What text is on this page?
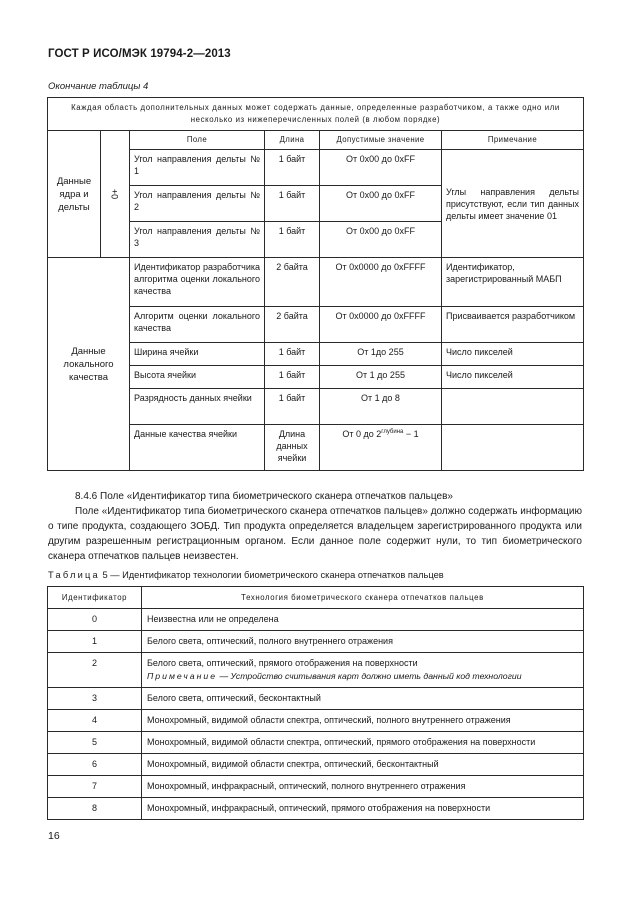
ГОСТ Р ИСО/МЭК 19794-2—2013
Окончание таблицы 4
Каждая область дополнительных данных может содержать данные, определенные разработчиком, а также одно или несколько из нижеперечисленных полей (в любом порядке)					
Данные ядра и дельты	0+	Поле	Длина	Допустимые значение	Примечание
		Угол направления дельты № 1	1 байт	От 0x00 до 0xFF	Углы направления дельты присутствуют, если тип данных дельты имеет значение 01
		Угол направления дельты № 2	1 байт	От 0x00 до 0xFF	
		Угол направления дельты № 3	1 байт	От 0x00 до 0xFF	
Данные локального качества		Идентификатор разработчика алгоритма оценки локального качества	2 байта	От 0x0000 до 0xFFFF	Идентификатор, зарегистрированный МАБП
		Алгоритм оценки локального качества	2 байта	От 0x0000 до 0xFFFF	Присваивается разработчиком
		Ширина ячейки	1 байт	От 1до 255	Число пикселей
		Высота ячейки	1 байт	От 1 до 255	Число пикселей
		Разрядность данных ячейки	1 байт	От 1 до 8	
		Данные качества ячейки	Длина данных ячейки	От 0 до $2^{глубина} - 1$	
8.4.6 Поле «Идентификатор типа биометрического сканера отпечатков пальцев»
Поле «Идентификатор типа биометрического сканера отпечатков пальцев» должно содержать информацию о типе продукта, создающего ЗОБД. Тип продукта определяется владельцем зарегистрированного продукта или другим разрешенным регистрационным органом. Если данное поле содержит нули, то тип биометрического сканера отпечатков пальцев неизвестен.
Таблица 5 — Идентификатор технологии биометрического сканера отпечатков пальцев
Идентификатор	Технология биометрического сканера отпечатков пальцев
0	Неизвестна или не определена
1	Белого света, оптический, полного внутреннего отражения
2	Белого света, оптический, прямого отображения на поверхности
Примечание — Устройство считывания карт должно иметь данный код технологии

3	Белого света, оптический, бесконтактный
4	Монохромный, видимой области спектра, оптический, полного внутреннего отражения
5	Монохромный, видимой области спектра, оптический, прямого отображения на поверхности
6	Монохромный, видимой области спектра, оптический, бесконтактный
7	Монохромный, инфракрасный, оптический, полного внутреннего отражения
8	Монохромный, инфракрасный, оптический, прямого отображения на поверхности
16
